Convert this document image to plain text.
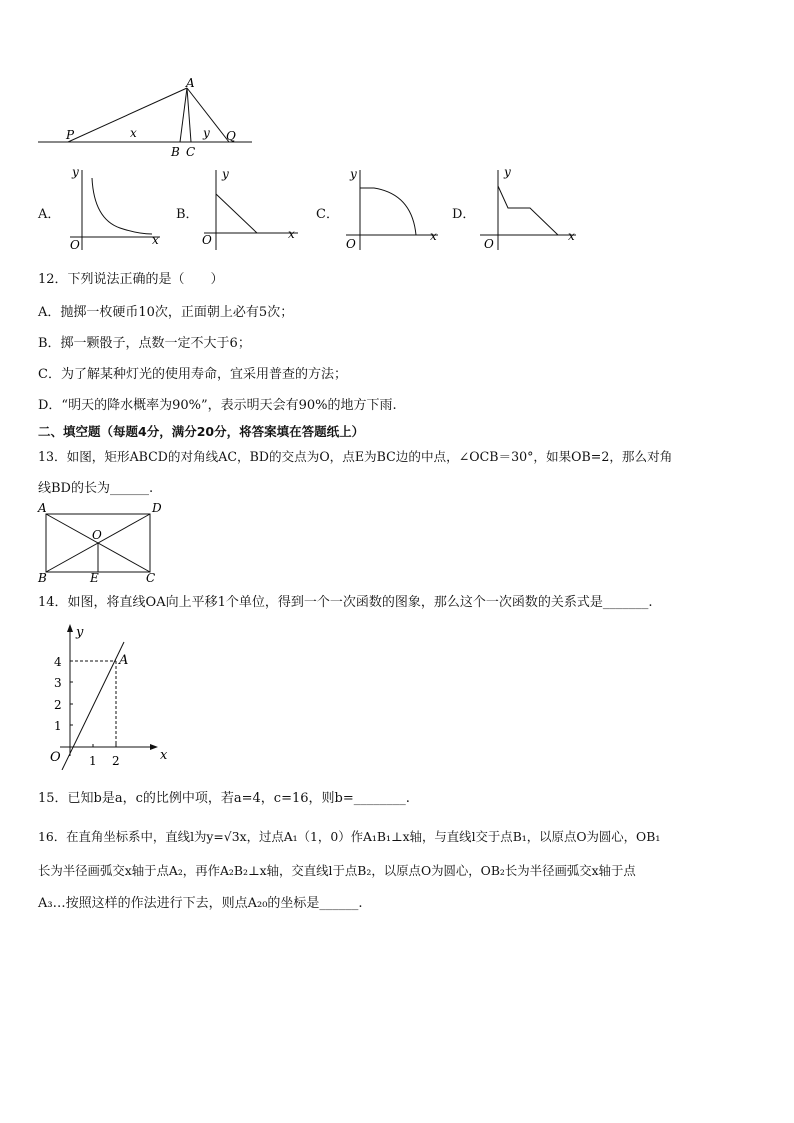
A
P	x	y Q
B C
A．
y
x
O
B．
y
x
O
C．
y
x
O
D．
y
x
O
12．下列说法正确的是（　　）
A．抛掷一枚硬币10次，正面朝上必有5次；
B．掷一颗骰子，点数一定不大于6；
C．为了解某种灯光的使用寿命，宜采用普查的方法；
D．“明天的降水概率为90%”，表示明天会有90%的地方下雨.
二、填空题（每题4分，满分20分，将答案填在答题纸上）
13．如图，矩形ABCD的对角线AC，BD的交点为O，点E为BC边的中点，∠OCB＝30°，如果OB=2，那么对角
线BD的长为______.
A	D
O
B	E	C
14．如图，将直线OA向上平移1个单位，得到一个一次函数的图象，那么这个一次函数的关系式是_______.
y
x
O
A
1 2
1
2
3
4
15．已知b是a，c的比例中项，若a=4，c=16，则b=________.
16．在直角坐标系中，直线l为y=√3x，过点A₁（1，0）作A₁B₁⊥x轴，与直线l交于点B₁，以原点O为圆心，OB₁
长为半径画弧交x轴于点A₂，再作A₂B₂⊥x轴，交直线l于点B₂，以原点O为圆心，OB₂长为半径画弧交x轴于点
A₃…按照这样的作法进行下去，则点A₂₀的坐标是______.
